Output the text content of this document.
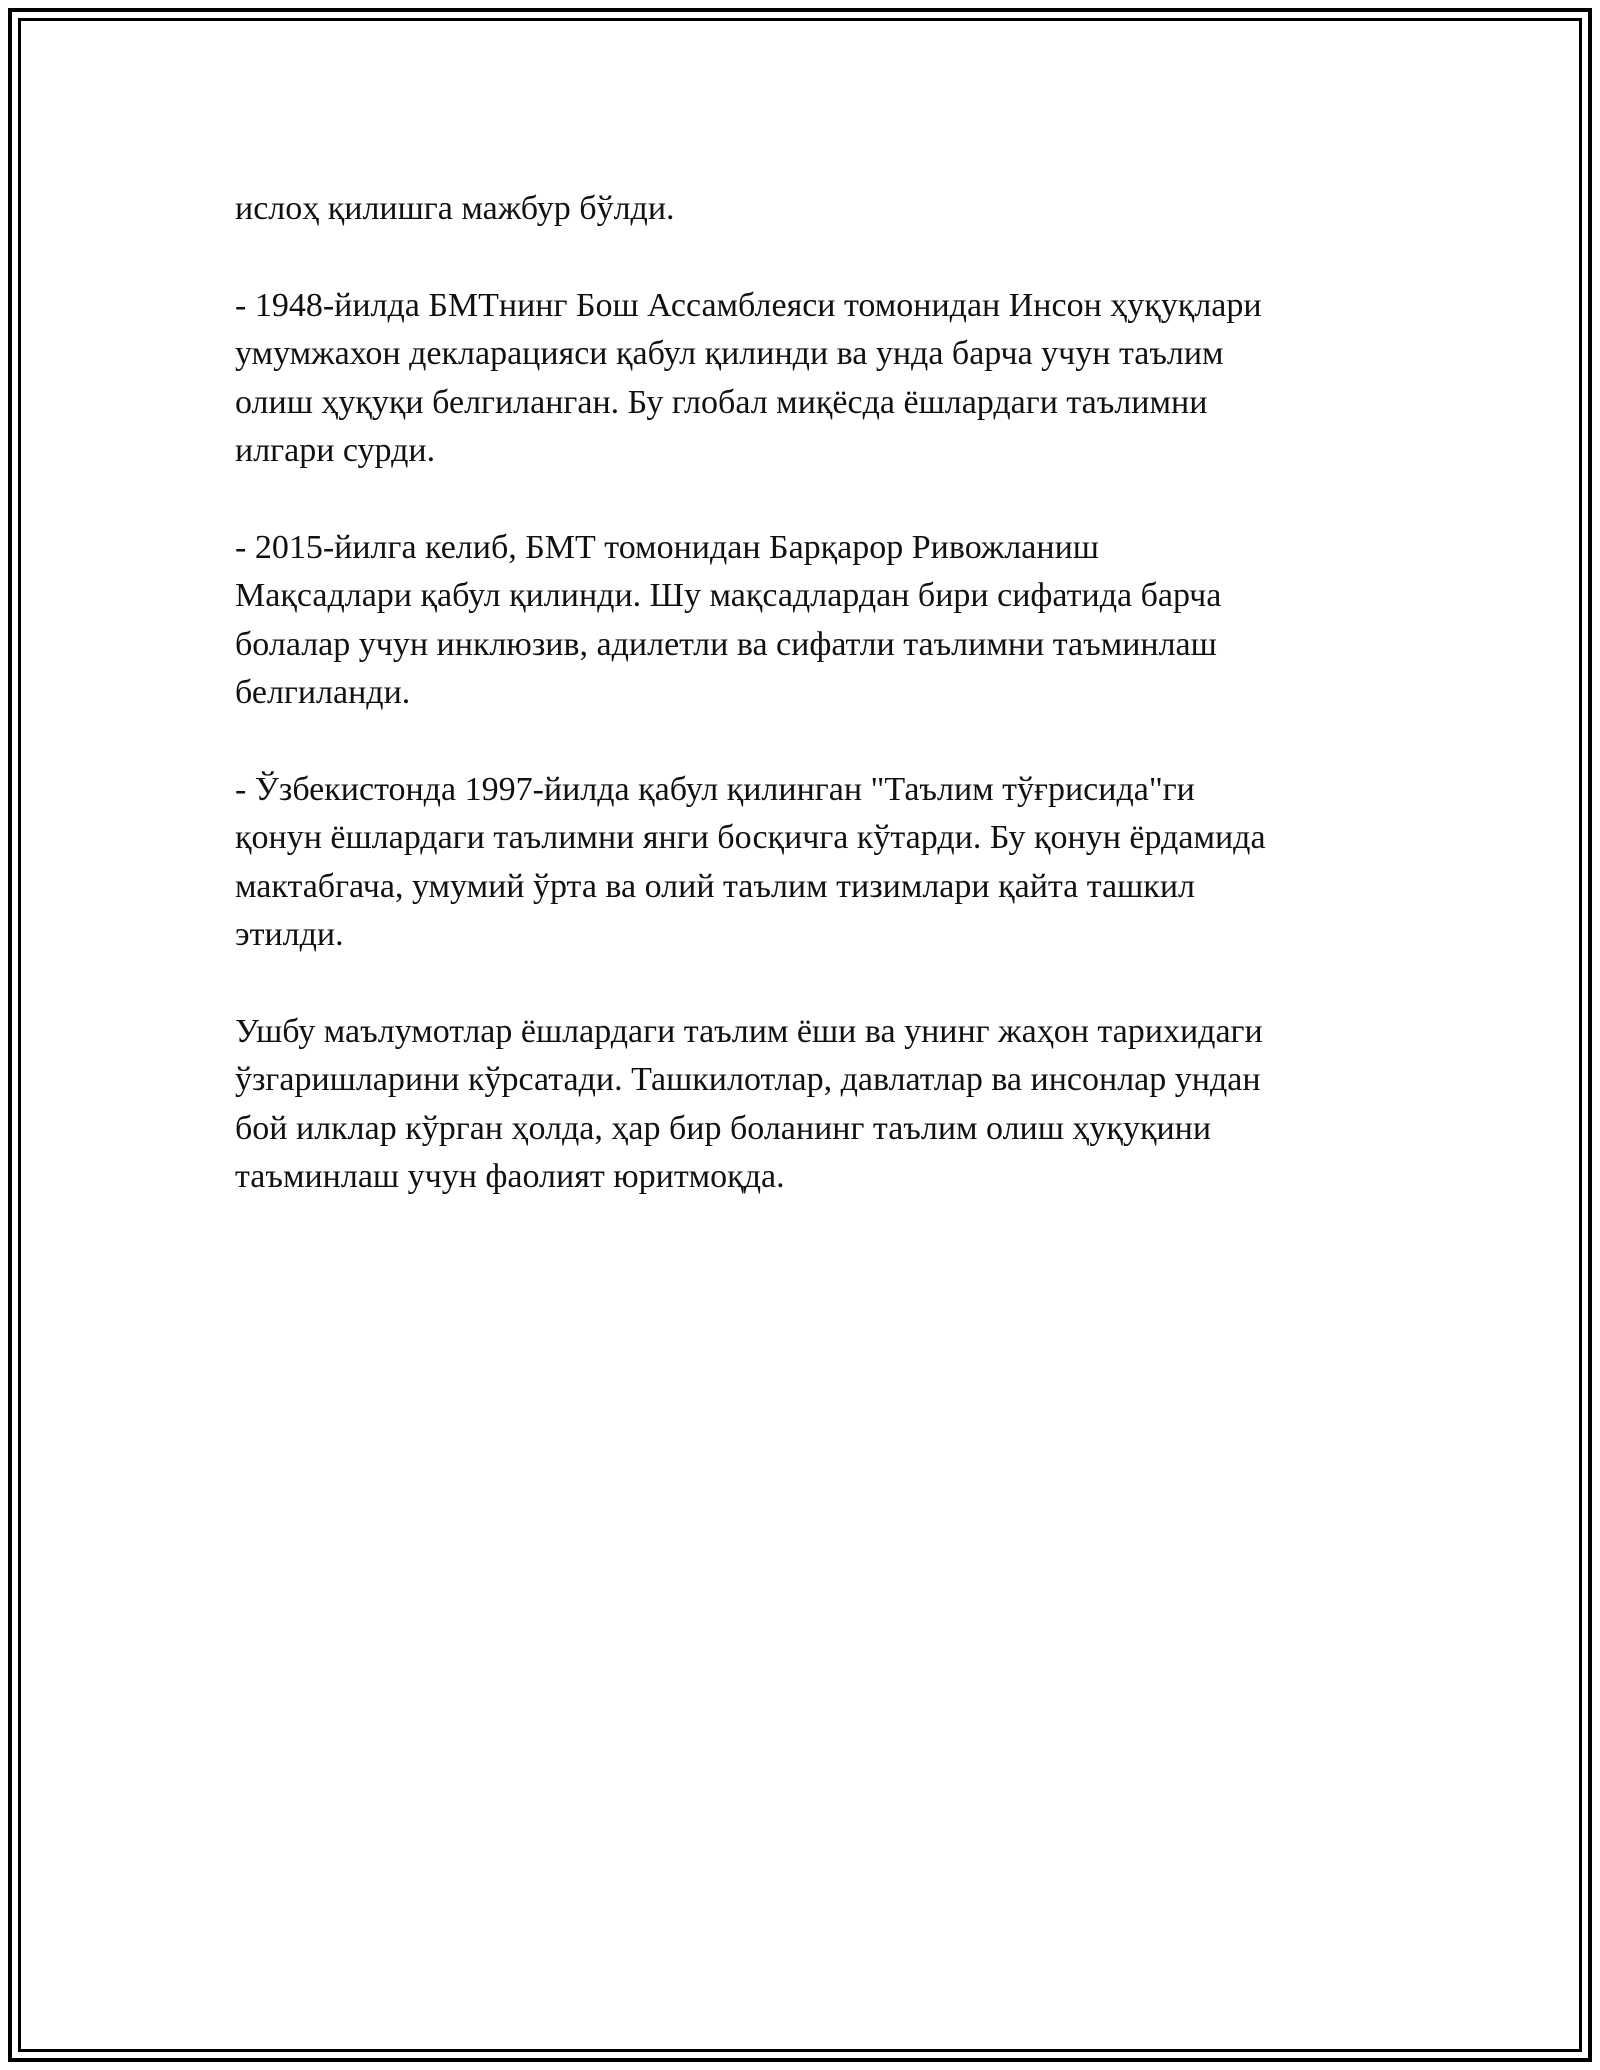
ислоҳ қилишга мажбур бўлди.

- 1948-йилда БМТнинг Бош Ассамблеяси томонидан Инсон ҳуқуқлари
умумжахон декларацияси қабул қилинди ва унда барча учун таълим
олиш ҳуқуқи белгиланган. Бу глобал миқёсда ёшлардаги таълимни
илгари сурди.

- 2015-йилга келиб, БМТ томонидан Барқарор Ривожланиш
Мақсадлари қабул қилинди. Шу мақсадлардан бири сифатида барча
болалар учун инклюзив, адилетли ва сифатли таълимни таъминлаш
белгиланди.

- Ўзбекистонда 1997-йилда қабул қилинган "Таълим тўғрисида"ги
қонун ёшлардаги таълимни янги босқичга кўтарди. Бу қонун ёрдамида
мактабгача, умумий ўрта ва олий таълим тизимлари қайта ташкил
этилди.

Ушбу маълумотлар ёшлардаги таълим ёши ва унинг жаҳон тарихидаги
ўзгаришларини кўрсатади. Ташкилотлар, давлатлар ва инсонлар ундан
бой илклар кўрган ҳолда, ҳар бир боланинг таълим олиш ҳуқуқини
таъминлаш учун фаолият юритмоқда.
